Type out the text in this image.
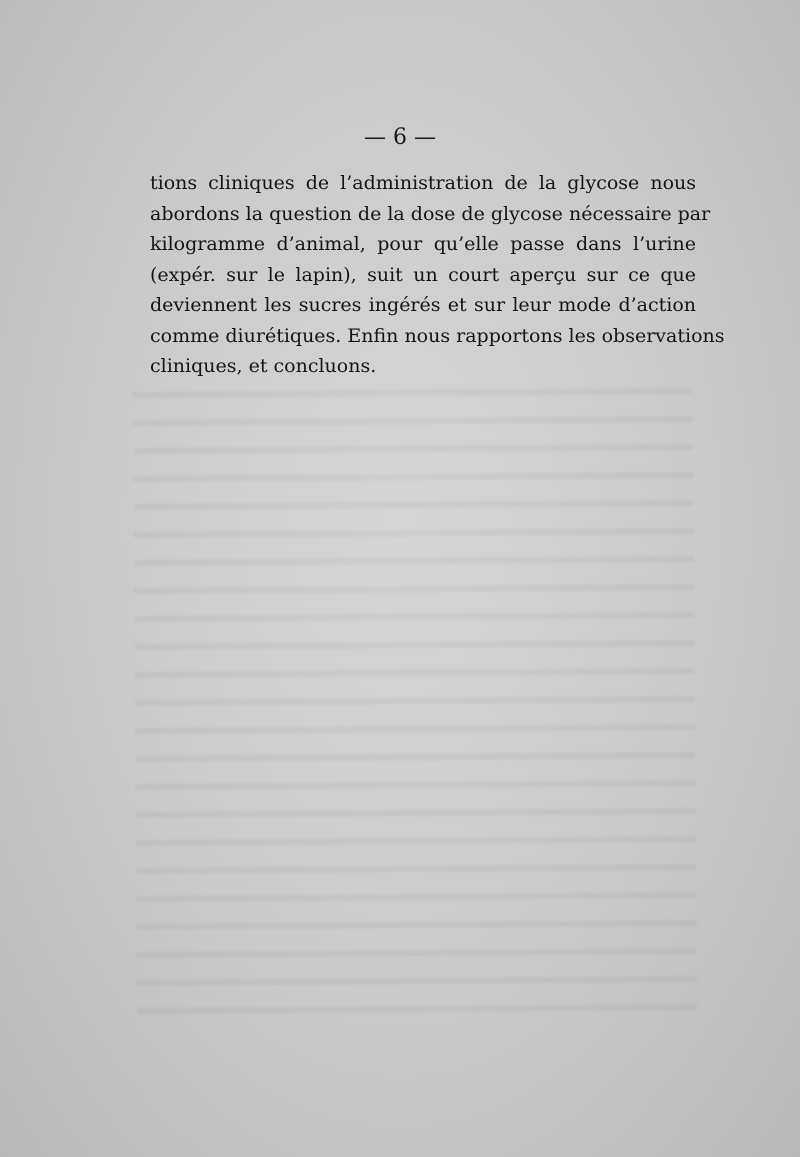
— 6 —
tions cliniques de l’administration de la glycose nous
abordons la question de la dose de glycose nécessaire par
kilogramme d’animal, pour qu’elle passe dans l’urine
(expér. sur le lapin), suit un court aperçu sur ce que
deviennent les sucres ingérés et sur leur mode d’action
comme diurétiques. Enfin nous rapportons les observations
cliniques, et concluons.
